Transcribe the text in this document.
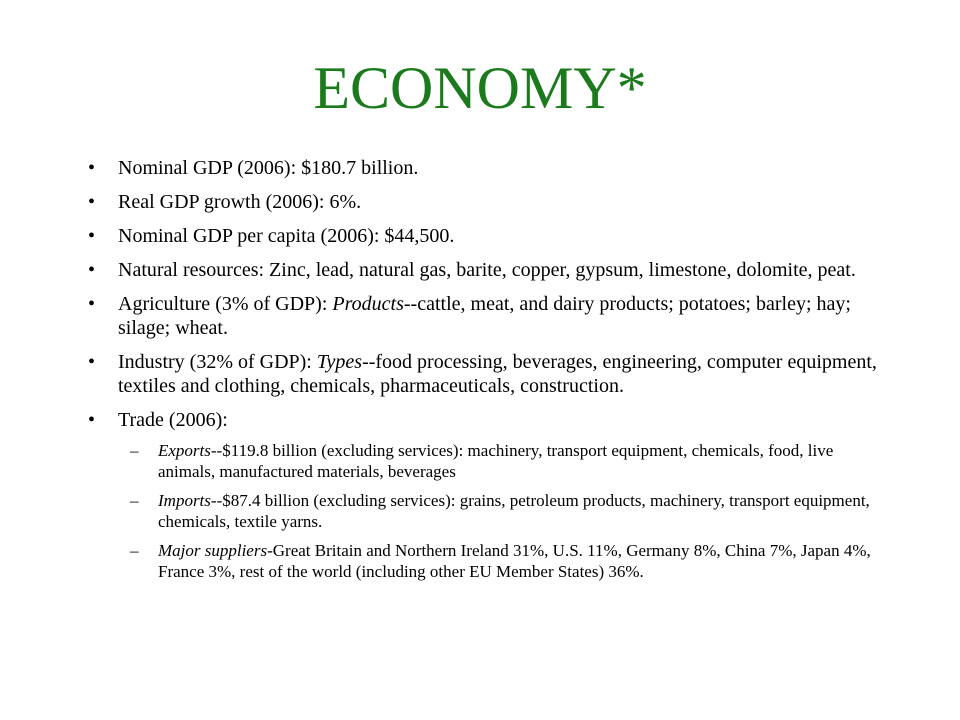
ECONOMY*
• Nominal GDP (2006): $180.7 billion.
• Real GDP growth (2006): 6%.
• Nominal GDP per capita (2006): $44,500.
• Natural resources: Zinc, lead, natural gas, barite, copper, gypsum, limestone, dolomite, peat.
• Agriculture (3% of GDP): Products--cattle, meat, and dairy products; potatoes; barley; hay; silage; wheat.
• Industry (32% of GDP): Types--food processing, beverages, engineering, computer equipment, textiles and clothing, chemicals, pharmaceuticals, construction.
• Trade (2006):
– Exports--$119.8 billion (excluding services): machinery, transport equipment, chemicals, food, live animals, manufactured materials, beverages
– Imports--$87.4 billion (excluding services): grains, petroleum products, machinery, transport equipment, chemicals, textile yarns.
– Major suppliers-Great Britain and Northern Ireland 31%, U.S. 11%, Germany 8%, China 7%, Japan 4%, France 3%, rest of the world (including other EU Member States) 36%.
